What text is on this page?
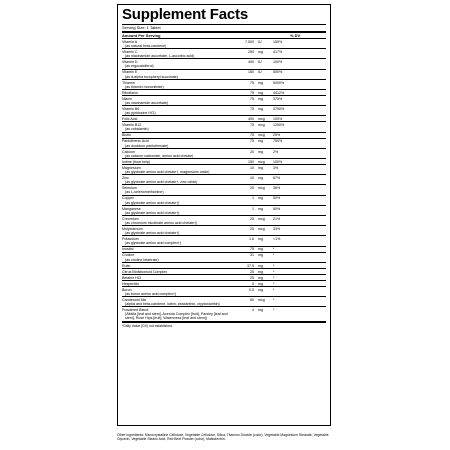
Supplement Facts
Serving Size: 1 Tablet
Amount Per Serving	% DV
Vitamin A
(as natural beta-carotene)
7,500	IU	150%
Vitamin C
(as niacinamide ascorbate, L-ascorbic acid)
250	mg	417%
Vitamin D
(as ergocalciferol)
400	IU	100%
Vitamin E
(as d-alpha tocopheryl succinate)
150	IU	500%
Thiamin
(as thiamin mononitrate)
75	mg	5000%
Riboflavin	75	mg	4412%
Niacin
(as niacinamide ascorbate)
75	mg	375%
Vitamin B6
(as pyridoxine HCl)
75	mg	3750%
Folic Acid	400	mcg	100%
Vitamin B12
(as cobalamin)
75	mcg	1250%
Biotin	75	mcg	25%
Pantothenic Acid
(as dcalcium pantothenate)
75	mg	750%
Calcium
(as calcium carbonate, amino acid chelate)
20	mg	2%
Iodine (from kelp)	150	mcg	100%
Magnesium
(as glycinate amino acid chelate†, magnesium oxide)
10	mg	3%
Zinc
(as glycinate amino acid chelate†, zinc oxide)
10	mg	67%
Selenium
(as L-selenomethionine)
25	mcg	36%
Copper
(as glycinate amino acid chelate†)
1	mg	50%
Manganese
(as glycinate amino acid chelate†)
1	mg	50%
Chromium
(as chromium nicotinate amino acid chelate†)
25	mcg	21%
Molybdenum
(as glycinate amino acid chelate†)
25	mcg	33%
Potassium
(as glycinate amino acid complex†)
1.6	mg	<1%
Inositol	75	mg	*
Choline
(as choline bitartrate)
31	mg	*
Rutin	37.5	mg	*
Citrus Bioflavonoid Complex	25	mg	*
Betaine HCl	25	mg	*
Hesperidin	5	mg	*
Boron
(as boron amino acid complex†)
0.5	mg	*
Carotenoid Mix
(alpha and beta-carotene, lutein, zeaxanthin, cryptoxanthin)
60	mcg	*
Powdered Blend
(Alfalfa [leaf and stem], Acerola Complex [fruit], Parsley [leaf and
stem], Rose Hips [fruit], Watercress [leaf and stem])
4	mg	*
*Daily Value (DV) not established.
Other ingredients: Microcrystalline Cellulose, Vegetable Cellulose, Silica, Titanium Dioxide (color), Vegetable Magnesium Stearate, Vegetable Glycerin, Vegetable Stearic Acid, Red Beet Powder (color), Maltodextrin.
